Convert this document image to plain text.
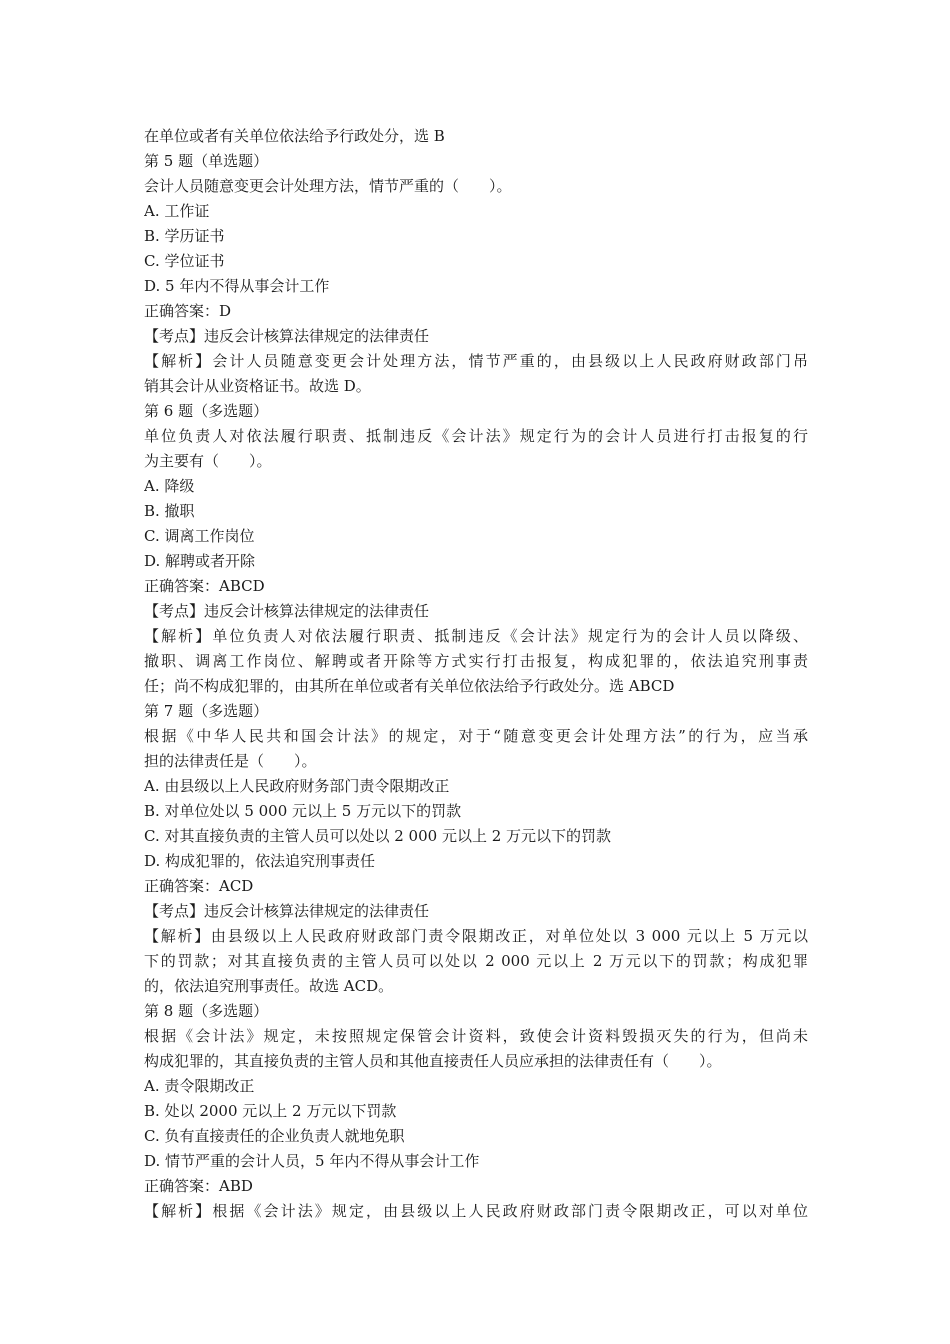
在单位或者有关单位依法给予行政处分，选 B
第 5 题（单选题）
会计人员随意变更会计处理方法，情节严重的（　　）。
A. 工作证
B. 学历证书
C. 学位证书
D. 5 年内不得从事会计工作
正确答案：D
【考点】违反会计核算法律规定的法律责任
【解析】会计人员随意变更会计处理方法，情节严重的，由县级以上人民政府财政部门吊
销其会计从业资格证书。故选 D。
第 6 题（多选题）
单位负责人对依法履行职责、抵制违反《会计法》规定行为的会计人员进行打击报复的行
为主要有（　　）。
A. 降级
B. 撤职
C. 调离工作岗位
D. 解聘或者开除
正确答案：ABCD
【考点】违反会计核算法律规定的法律责任
【解析】单位负责人对依法履行职责、抵制违反《会计法》规定行为的会计人员以降级、
撤职、调离工作岗位、解聘或者开除等方式实行打击报复，构成犯罪的，依法追究刑事责
任；尚不构成犯罪的，由其所在单位或者有关单位依法给予行政处分。选 ABCD
第 7 题（多选题）
根据《中华人民共和国会计法》的规定，对于“随意变更会计处理方法”的行为，应当承
担的法律责任是（　　）。
A. 由县级以上人民政府财务部门责令限期改正
B. 对单位处以 5 000 元以上 5 万元以下的罚款
C. 对其直接负责的主管人员可以处以 2 000 元以上 2 万元以下的罚款
D. 构成犯罪的，依法追究刑事责任
正确答案：ACD
【考点】违反会计核算法律规定的法律责任
【解析】由县级以上人民政府财政部门责令限期改正，对单位处以 3 000 元以上 5 万元以
下的罚款；对其直接负责的主管人员可以处以 2 000 元以上 2 万元以下的罚款；构成犯罪
的，依法追究刑事责任。故选 ACD。
第 8 题（多选题）
根据《会计法》规定，未按照规定保管会计资料，致使会计资料毁损灭失的行为，但尚未
构成犯罪的，其直接负责的主管人员和其他直接责任人员应承担的法律责任有（　　）。
A. 责令限期改正
B. 处以 2000 元以上 2 万元以下罚款
C. 负有直接责任的企业负责人就地免职
D. 情节严重的会计人员，5 年内不得从事会计工作
正确答案：ABD
【解析】根据《会计法》规定，由县级以上人民政府财政部门责令限期改正，可以对单位
